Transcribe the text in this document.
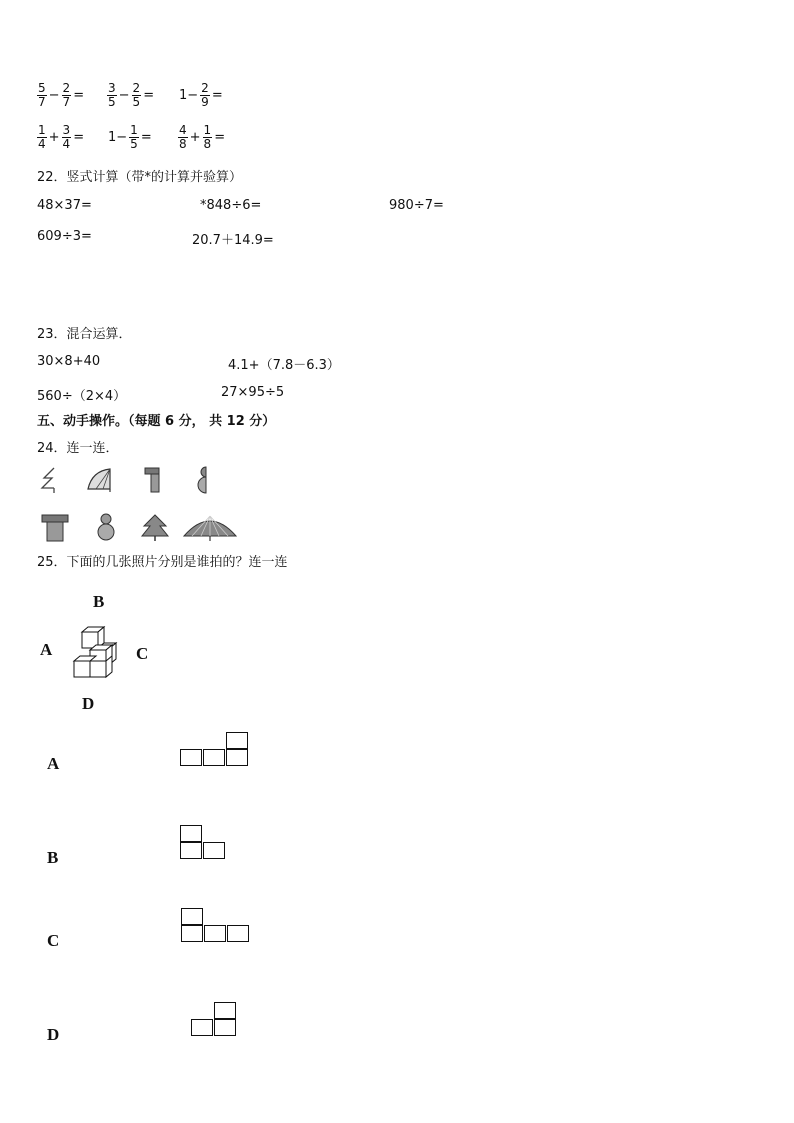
$\frac{5}{7} - \frac{2}{7} = \frac{3}{5} - \frac{2}{5} = 1- \frac{2}{9}$ =
$\frac{1}{4} + \frac{3}{4} = 1- \frac{1}{5} = \frac{4}{8} + \frac{1}{8}$ =
22．竖式计算（带*的计算并验算）
48×37=	*848÷6=	980÷7=
609÷3=	20.7＋14.9=
23．混合运算．
30×8+40	4.1+（7.8－6.3）
560÷（2×4）	27×95÷5
五、动手操作。（每题 6 分， 共 12 分）
24．连一连．
25．下面的几张照片分别是谁拍的？连一连
B
A	C
D
A
B
C
D
